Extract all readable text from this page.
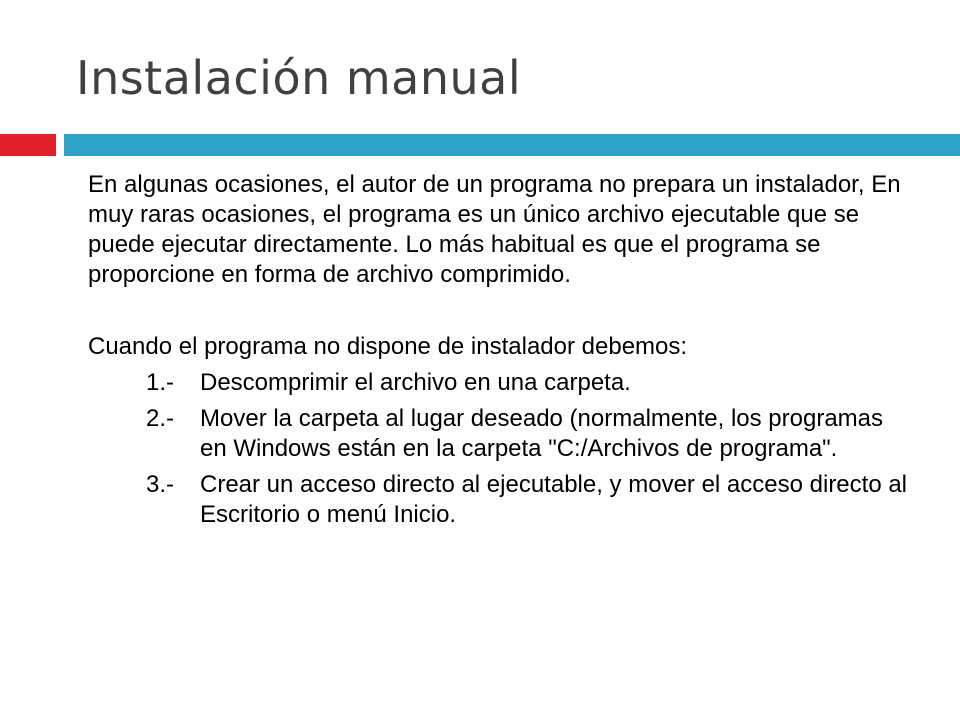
Instalación manual

En algunas ocasiones, el autor de un programa no prepara un instalador, En muy raras ocasiones, el programa es un único archivo ejecutable que se puede ejecutar directamente. Lo más habitual es que el programa se proporcione en forma de archivo comprimido.

Cuando el programa no dispone de instalador debemos:

1.- Descomprimir el archivo en una carpeta.
2.- Mover la carpeta al lugar deseado (normalmente, los programas en Windows están en la carpeta "C:/Archivos de programa".
3.- Crear un acceso directo al ejecutable, y mover el acceso directo al Escritorio o menú Inicio.
